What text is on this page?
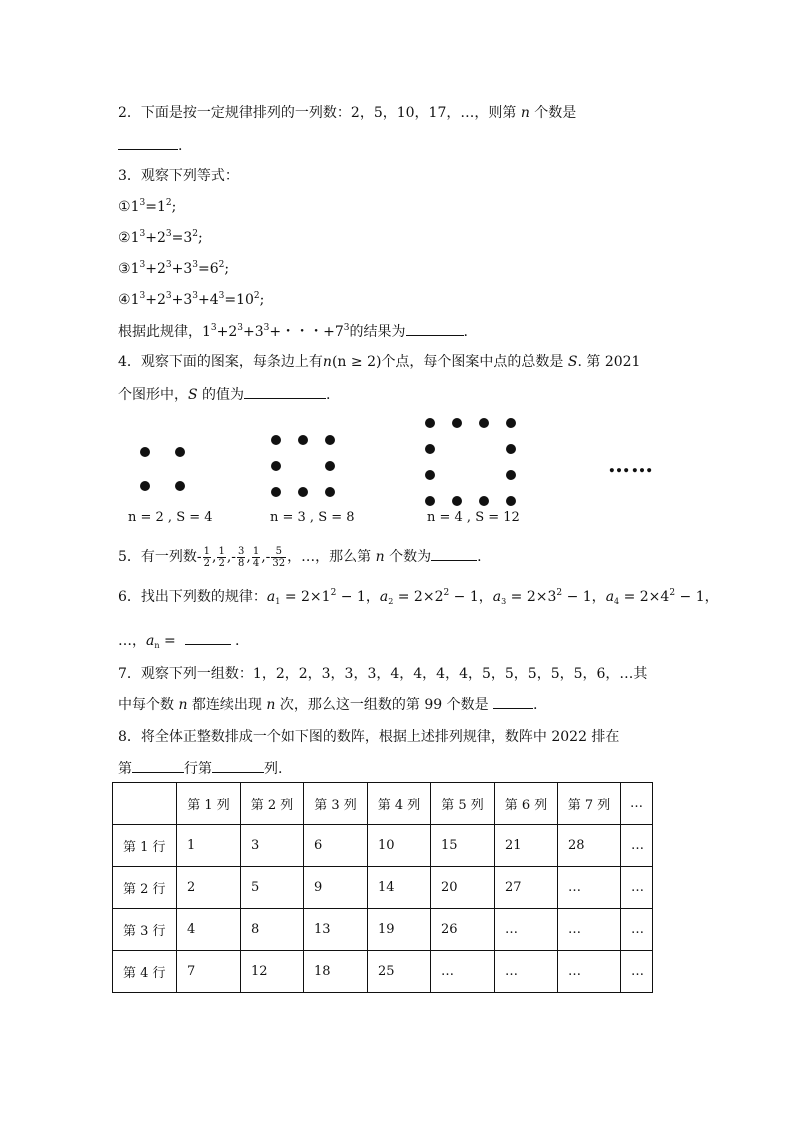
2．下面是按一定规律排列的一列数：2，5，10，17，…，则第 n 个数是
.
3．观察下列等式：
$①1^3=1^2$;
$②1^3+2^3=3^2$;
$③1^3+2^3+3^3=6^2$;
$④1^3+2^3+3^3+4^3=10^2$;
根据此规律，$1^3+2^3+3^3+$・・・$+7^3$的结果为	.
4．观察下面的图案，每条边上有n(n ≥ 2)个点，每个图案中点的总数是 S. 第 2021
个图形中，S 的值为	.
n = 2 , S = 4	n = 3 , S = 8	n = 4 , S = 12
……
5．有一列数- $\frac{1}{2}$ , $\frac{1}{2}$ ,- $\frac{3}{8}$ , $\frac{1}{4}$ ,- $\frac{5}{32}$ ，…，那么第 n 个数为	.
6．找出下列数的规律：$a_1 = 2\times 1^2 - 1$，$a_2 = 2\times 2^2 - 1$，$a_3 = 2\times 3^2 - 1$，$a_4 = 2\times 4^2 - 1$，
…，$a_n$ =	.
7．观察下列一组数：1，2，2，3，3，3，4，4，4，4，5，5，5，5，5，6，…其
中每个数 n 都连续出现 n 次，那么这一组数的第 99 个数是	.
8．将全体正整数排成一个如下图的数阵，根据上述排列规律，数阵中 2022 排在
第	行第	列.
	第 1 列	第 2 列	第 3 列	第 4 列	第 5 列	第 6 列	第 7 列	…
第 1 行	1	3	6	10	15	21	28	…
第 2 行	2	5	9	14	20	27	…	…
第 3 行	4	8	13	19	26	…	…	…
第 4 行	7	12	18	25	…	…	…	…
